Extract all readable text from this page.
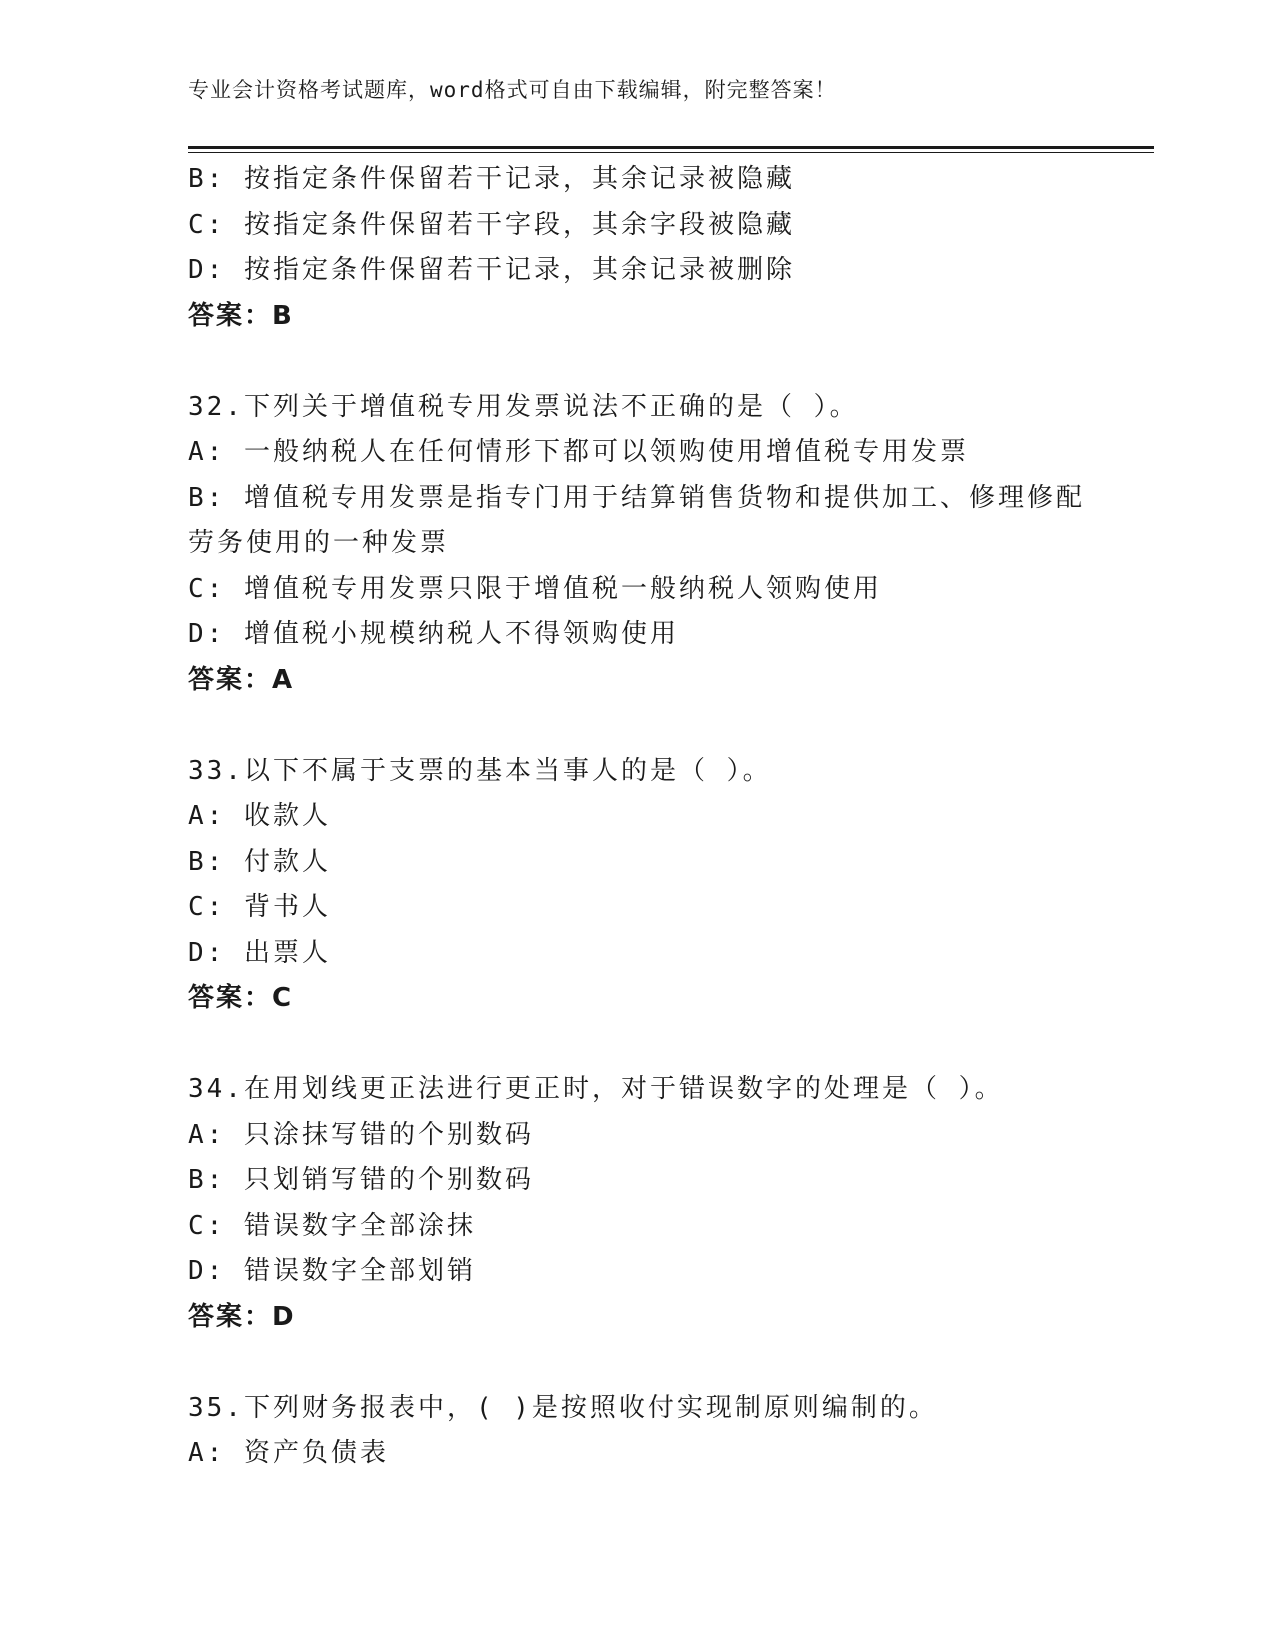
专业会计资格考试题库，word格式可自由下载编辑，附完整答案！
B: 按指定条件保留若干记录，其余记录被隐藏
C: 按指定条件保留若干字段，其余字段被隐藏
D: 按指定条件保留若干记录，其余记录被删除
答案：B
32.下列关于增值税专用发票说法不正确的是（ ）。
A: 一般纳税人在任何情形下都可以领购使用增值税专用发票
B: 增值税专用发票是指专门用于结算销售货物和提供加工、修理修配
劳务使用的一种发票
C: 增值税专用发票只限于增值税一般纳税人领购使用
D: 增值税小规模纳税人不得领购使用
答案：A
33.以下不属于支票的基本当事人的是（ ）。
A: 收款人
B: 付款人
C: 背书人
D: 出票人
答案：C
34.在用划线更正法进行更正时，对于错误数字的处理是（ ）。
A: 只涂抹写错的个别数码
B: 只划销写错的个别数码
C: 错误数字全部涂抹
D: 错误数字全部划销
答案：D
35.下列财务报表中，( )是按照收付实现制原则编制的。
A: 资产负债表
